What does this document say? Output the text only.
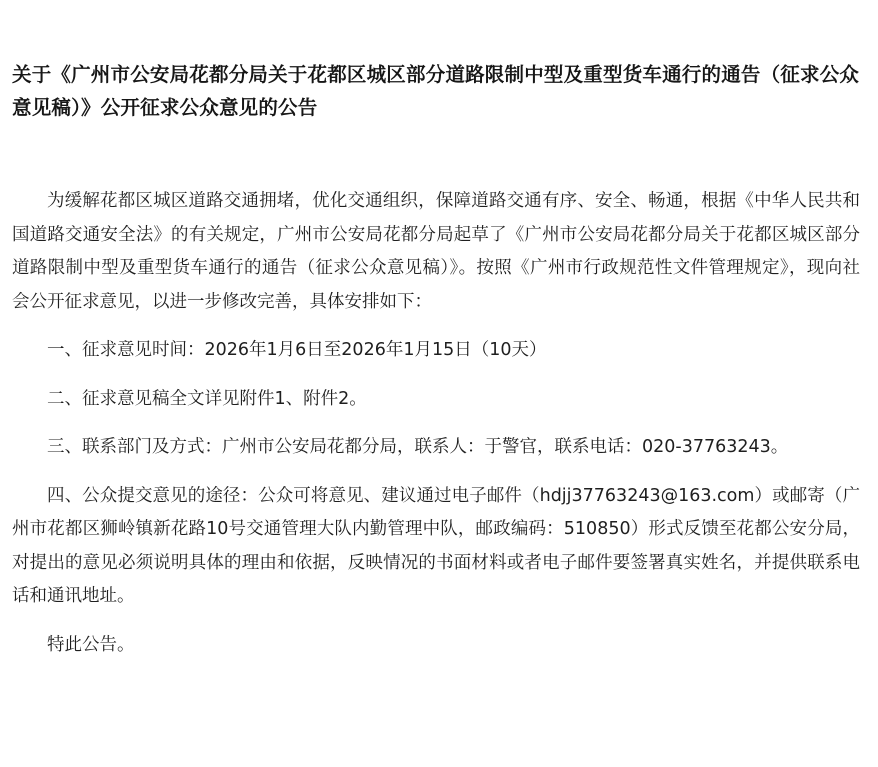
关于《广州市公安局花都分局关于花都区城区部分道路限制中型及重型货车通行的通告（征求公众意见稿）》公开征求公众意见的公告

为缓解花都区城区道路交通拥堵，优化交通组织，保障道路交通有序、安全、畅通，根据《中华人民共和国道路交通安全法》的有关规定，广州市公安局花都分局起草了《广州市公安局花都分局关于花都区城区部分道路限制中型及重型货车通行的通告（征求公众意见稿）》。按照《广州市行政规范性文件管理规定》，现向社会公开征求意见，以进一步修改完善，具体安排如下：

一、征求意见时间：2026年1月6日至2026年1月15日（10天）

二、征求意见稿全文详见附件1、附件2。

三、联系部门及方式：广州市公安局花都分局，联系人：于警官，联系电话：020-37763243。

四、公众提交意见的途径：公众可将意见、建议通过电子邮件（hdjj37763243@163.com）或邮寄（广州市花都区狮岭镇新花路10号交通管理大队内勤管理中队，邮政编码：510850）形式反馈至花都公安分局，对提出的意见必须说明具体的理由和依据，反映情况的书面材料或者电子邮件要签署真实姓名，并提供联系电话和通讯地址。

特此公告。
